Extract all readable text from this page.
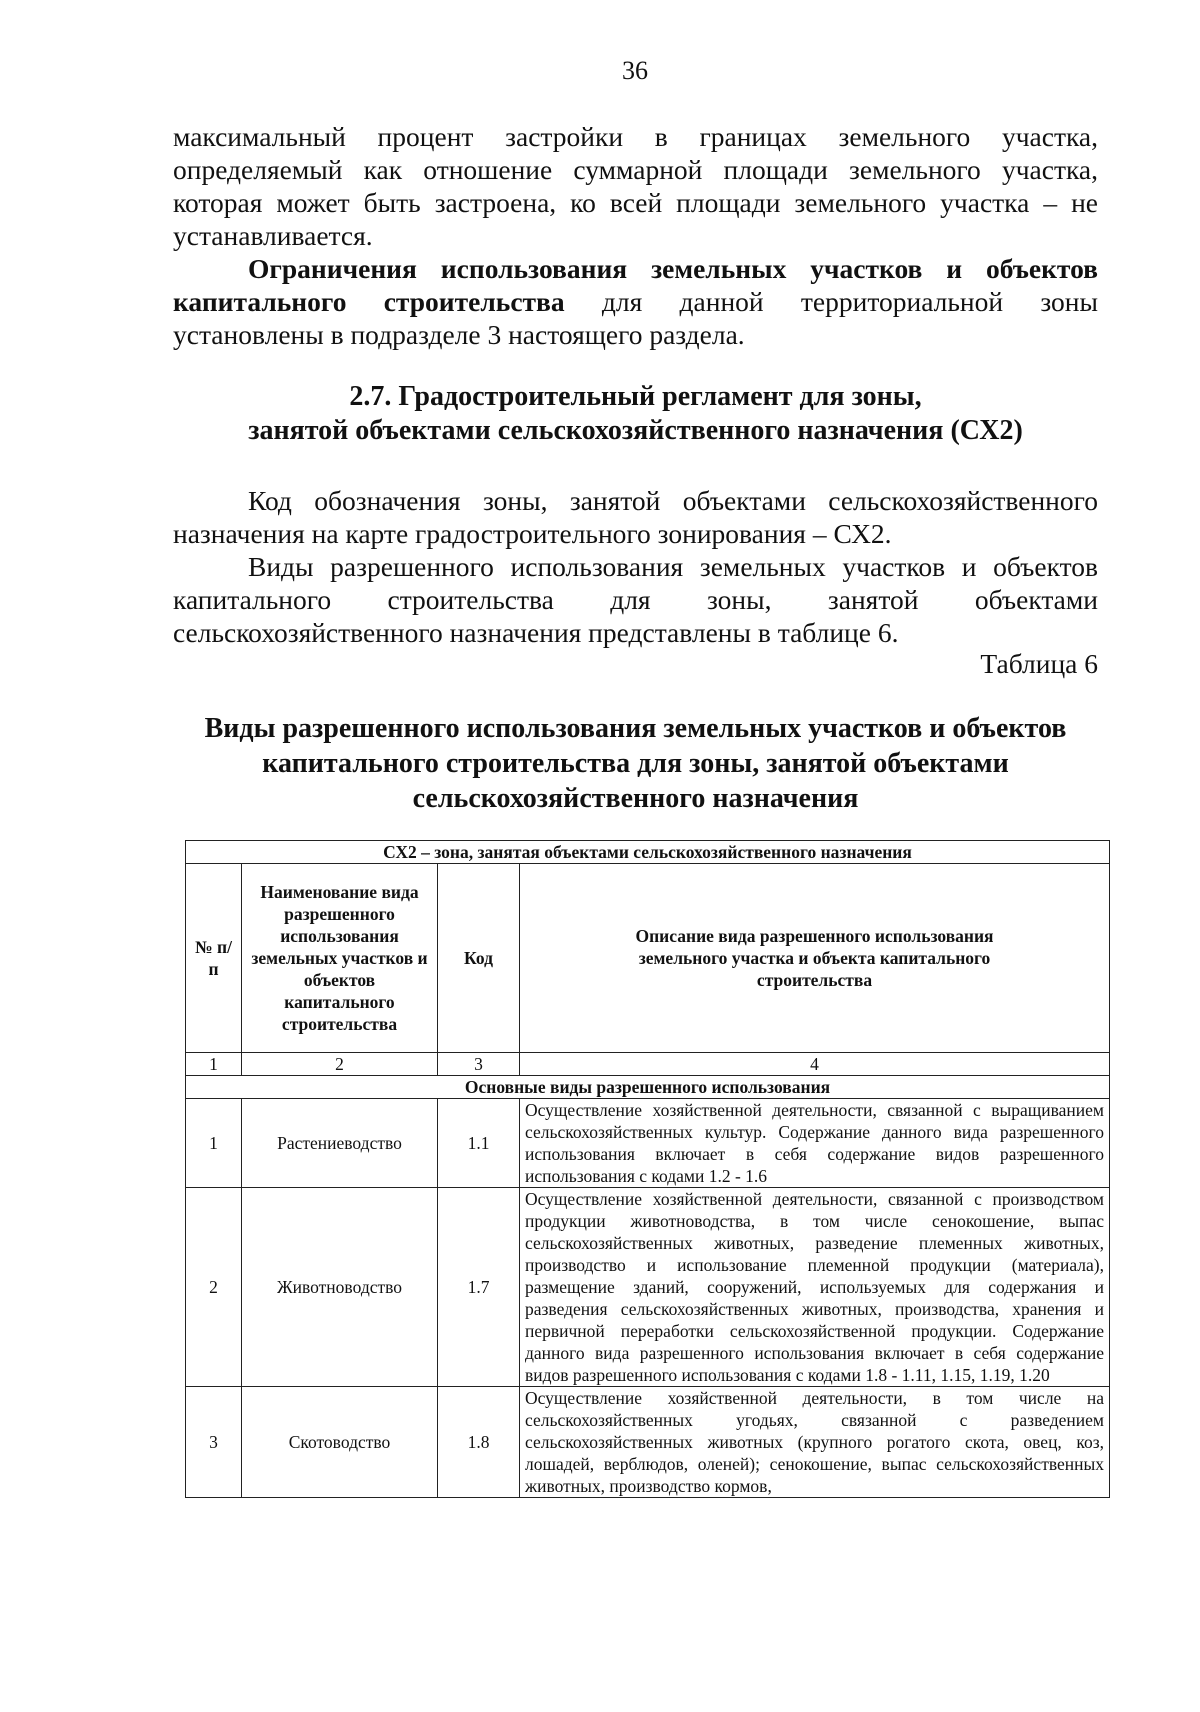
36
максимальный процент застройки в границах земельного участка, определяемый как отношение суммарной площади земельного участка, которая может быть застроена, ко всей площади земельного участка – не устанавливается.
Ограничения использования земельных участков и объектов капитального строительства для данной территориальной зоны установлены в подразделе 3 настоящего раздела.
2.7. Градостроительный регламент для зоны,
занятой объектами сельскохозяйственного назначения (СХ2)
Код обозначения зоны, занятой объектами сельскохозяйственного назначения на карте градостроительного зонирования – СХ2.
Виды разрешенного использования земельных участков и объектов капитального строительства для зоны, занятой объектами сельскохозяйственного назначения представлены в таблице 6.
Таблица 6
Виды разрешенного использования земельных участков и объектов
капитального строительства для зоны, занятой объектами
сельскохозяйственного назначения
СХ2 – зона, занятая объектами сельскохозяйственного назначения			
№ п/п	Наименование вида разрешенного использования земельных участков и объектов капитального строительства	Код	Описание вида разрешенного использования земельного участка и объекта капитального строительства
1	2	3	4
Основные виды разрешенного использования			
1	Растениеводство	1.1	Осуществление хозяйственной деятельности, связанной с выращиванием сельскохозяйственных культур. Содержание данного вида разрешенного использования включает в себя содержание видов разрешенного использования с кодами 1.2 - 1.6
2	Животноводство	1.7	Осуществление хозяйственной деятельности, связанной с производством продукции животноводства, в том числе сенокошение, выпас сельскохозяйственных животных, разведение племенных животных, производство и использование племенной продукции (материала), размещение зданий, сооружений, используемых для содержания и разведения сельскохозяйственных животных, производства, хранения и первичной переработки сельскохозяйственной продукции. Содержание данного вида разрешенного использования включает в себя содержание видов разрешенного использования с кодами 1.8 - 1.11, 1.15, 1.19, 1.20
3	Скотоводство	1.8	Осуществление хозяйственной деятельности, в том числе на сельскохозяйственных угодьях, связанной с разведением сельскохозяйственных животных (крупного рогатого скота, овец, коз, лошадей, верблюдов, оленей); сенокошение, выпас сельскохозяйственных животных, производство кормов,
